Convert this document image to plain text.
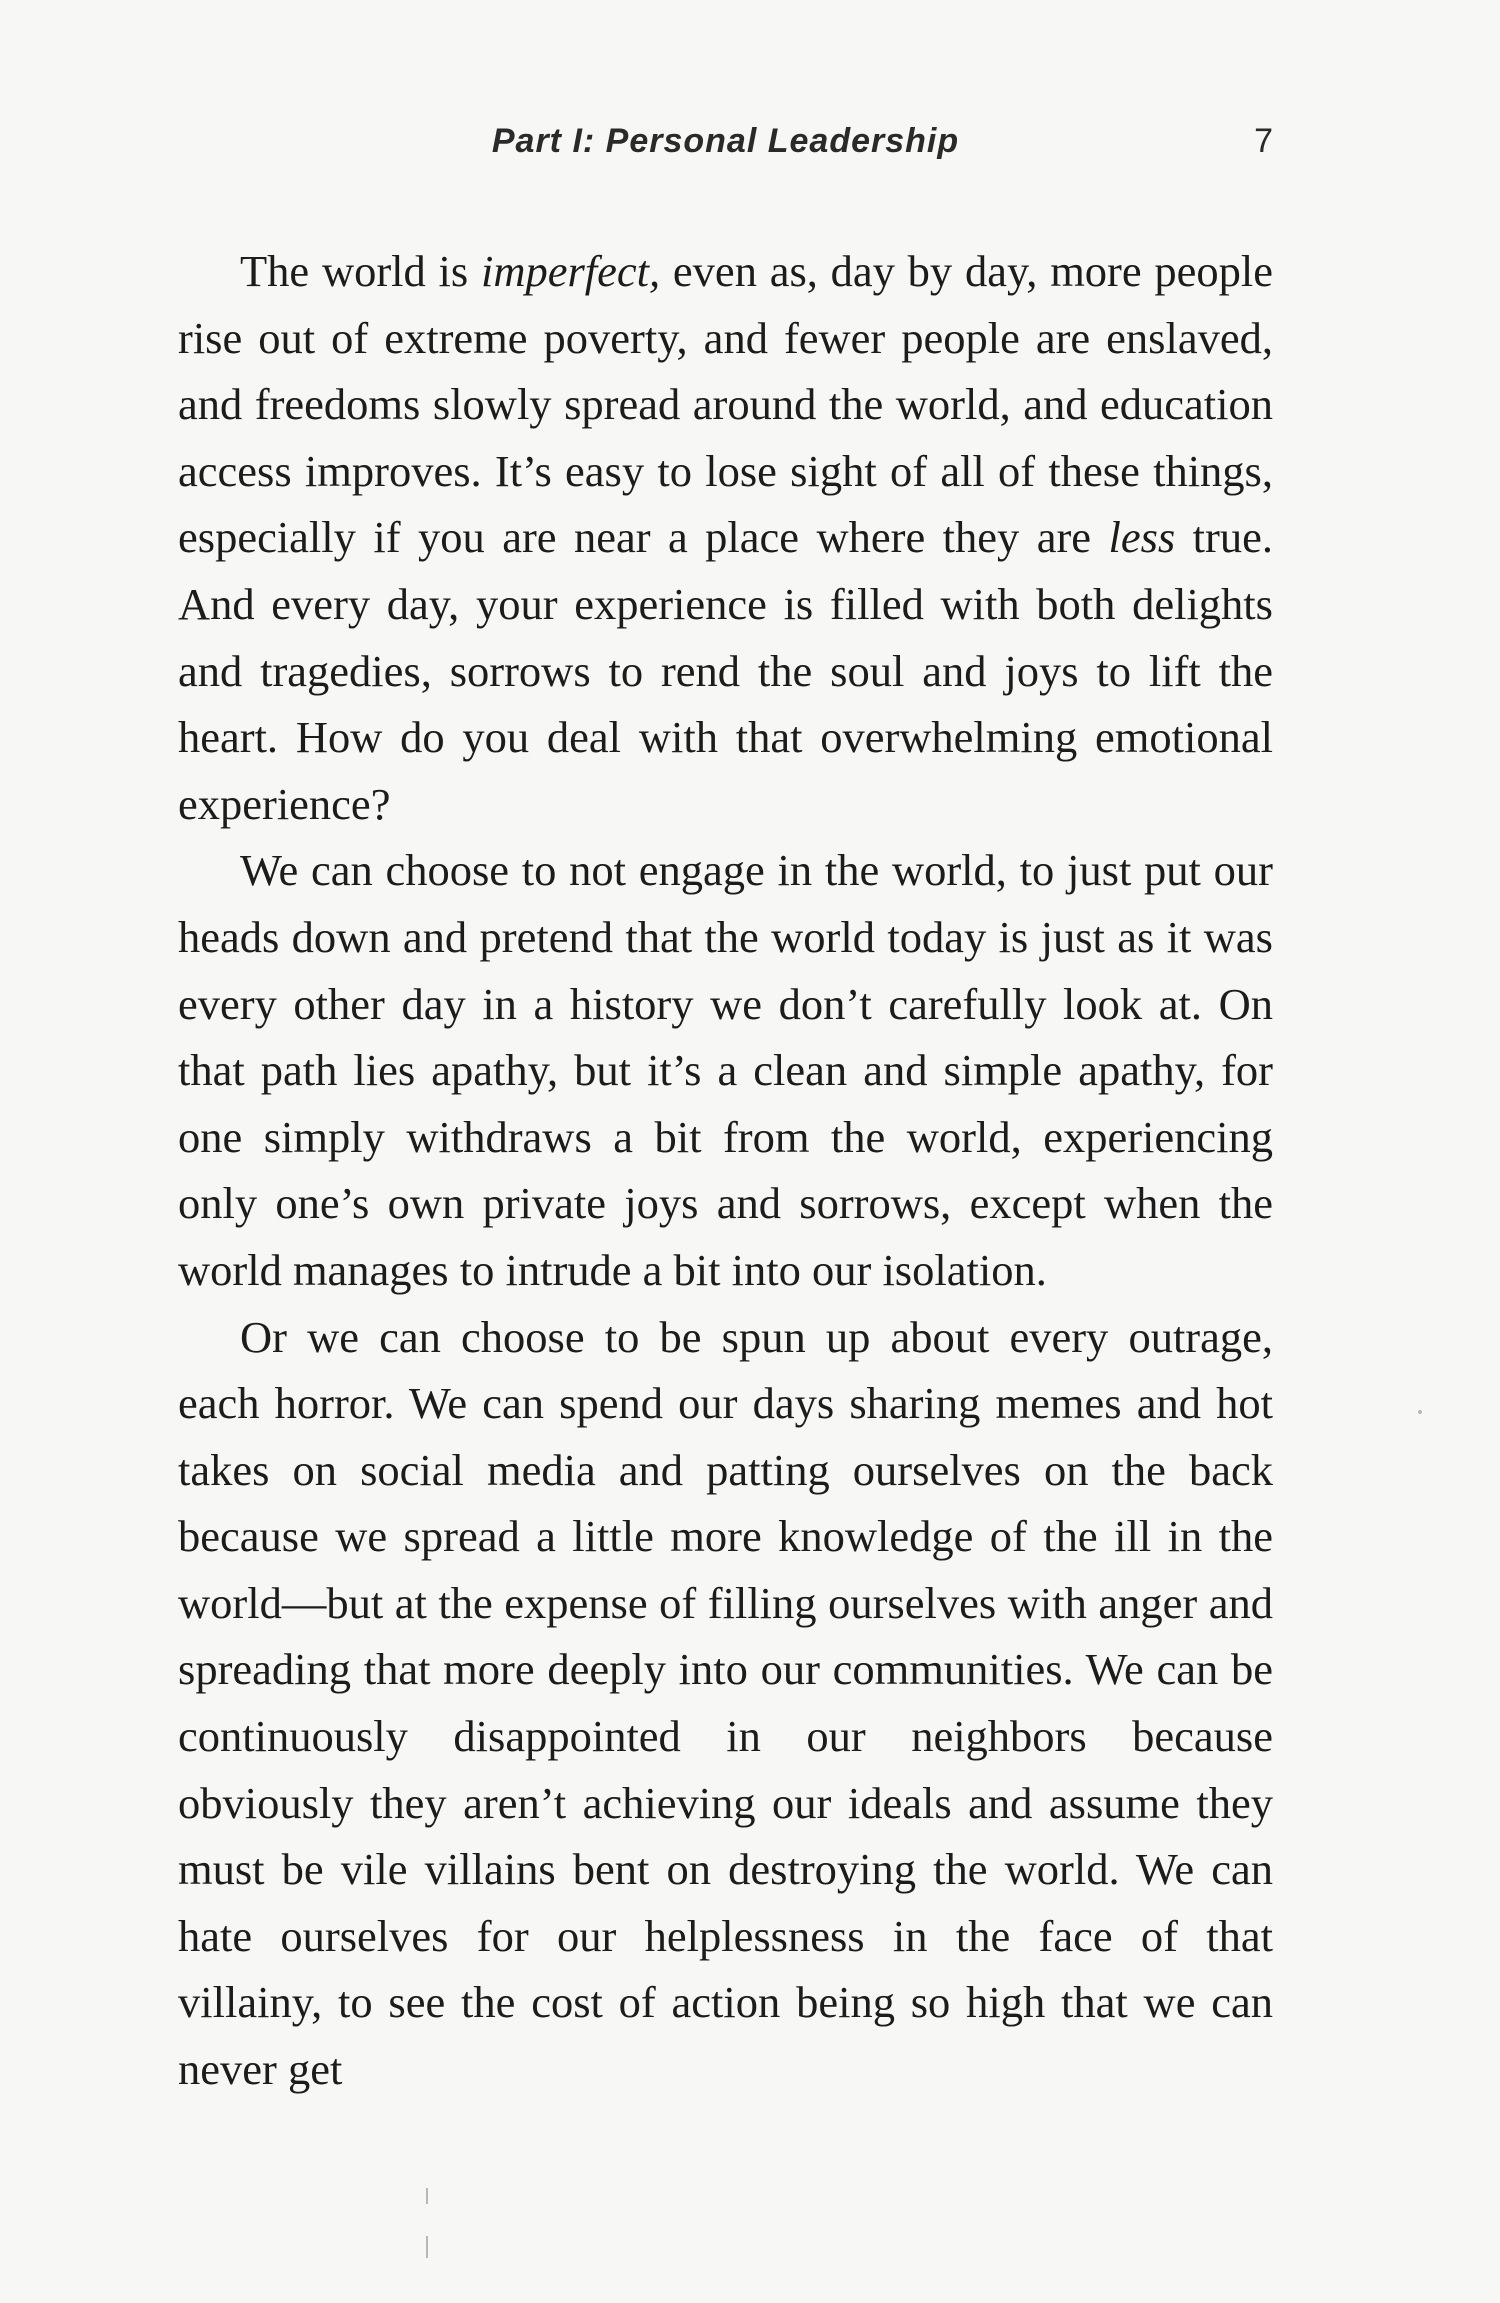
Part I: Personal Leadership	7

The world is imperfect, even as, day by day, more people rise out of extreme poverty, and fewer people are enslaved, and freedoms slowly spread around the world, and education access improves. It’s easy to lose sight of all of these things, especially if you are near a place where they are less true. And every day, your experience is filled with both delights and tragedies, sorrows to rend the soul and joys to lift the heart. How do you deal with that overwhelming emotional experience?

We can choose to not engage in the world, to just put our heads down and pretend that the world today is just as it was every other day in a history we don’t carefully look at. On that path lies apathy, but it’s a clean and simple apathy, for one simply withdraws a bit from the world, experiencing only one’s own private joys and sorrows, except when the world manages to intrude a bit into our isolation.

Or we can choose to be spun up about every outrage, each horror. We can spend our days sharing memes and hot takes on social media and patting ourselves on the back because we spread a little more knowledge of the ill in the world—but at the expense of filling ourselves with anger and spreading that more deeply into our communities. We can be continuously disappointed in our neighbors because obviously they aren’t achieving our ideals and assume they must be vile villains bent on destroying the world. We can hate ourselves for our helplessness in the face of that villainy, to see the cost of action being so high that we can never get
